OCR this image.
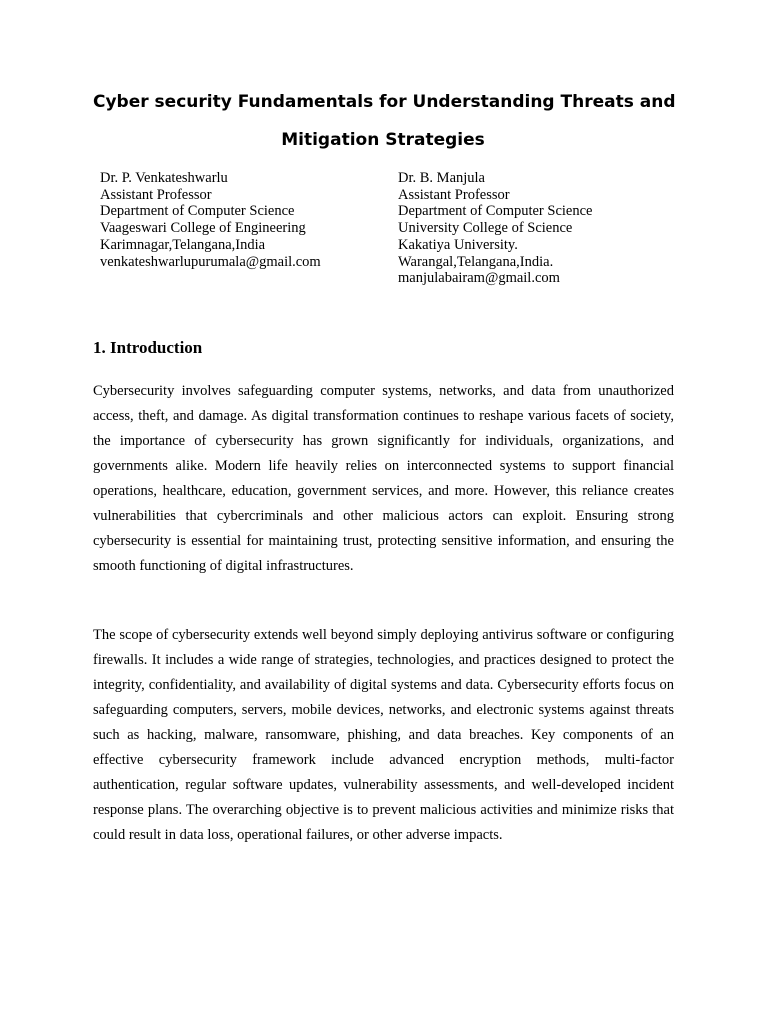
Cyber security Fundamentals for Understanding Threats and
Mitigation Strategies
Dr. P. Venkateshwarlu
Assistant Professor
Department of Computer Science
Vaageswari College of Engineering
Karimnagar,Telangana,India
venkateshwarlupurumala@gmail.com
Dr. B. Manjula
Assistant Professor
Department of Computer Science
University College of Science
Kakatiya University.
Warangal,Telangana,India.
manjulabairam@gmail.com
1. Introduction

Cybersecurity involves safeguarding computer systems, networks, and data from unauthorized access, theft, and damage. As digital transformation continues to reshape various facets of society, the importance of cybersecurity has grown significantly for individuals, organizations, and governments alike. Modern life heavily relies on interconnected systems to support financial operations, healthcare, education, government services, and more. However, this reliance creates vulnerabilities that cybercriminals and other malicious actors can exploit. Ensuring strong cybersecurity is essential for maintaining trust, protecting sensitive information, and ensuring the smooth functioning of digital infrastructures.

The scope of cybersecurity extends well beyond simply deploying antivirus software or configuring firewalls. It includes a wide range of strategies, technologies, and practices designed to protect the integrity, confidentiality, and availability of digital systems and data. Cybersecurity efforts focus on safeguarding computers, servers, mobile devices, networks, and electronic systems against threats such as hacking, malware, ransomware, phishing, and data breaches. Key components of an effective cybersecurity framework include advanced encryption methods, multi-factor authentication, regular software updates, vulnerability assessments, and well-developed incident response plans. The overarching objective is to prevent malicious activities and minimize risks that could result in data loss, operational failures, or other adverse impacts.
